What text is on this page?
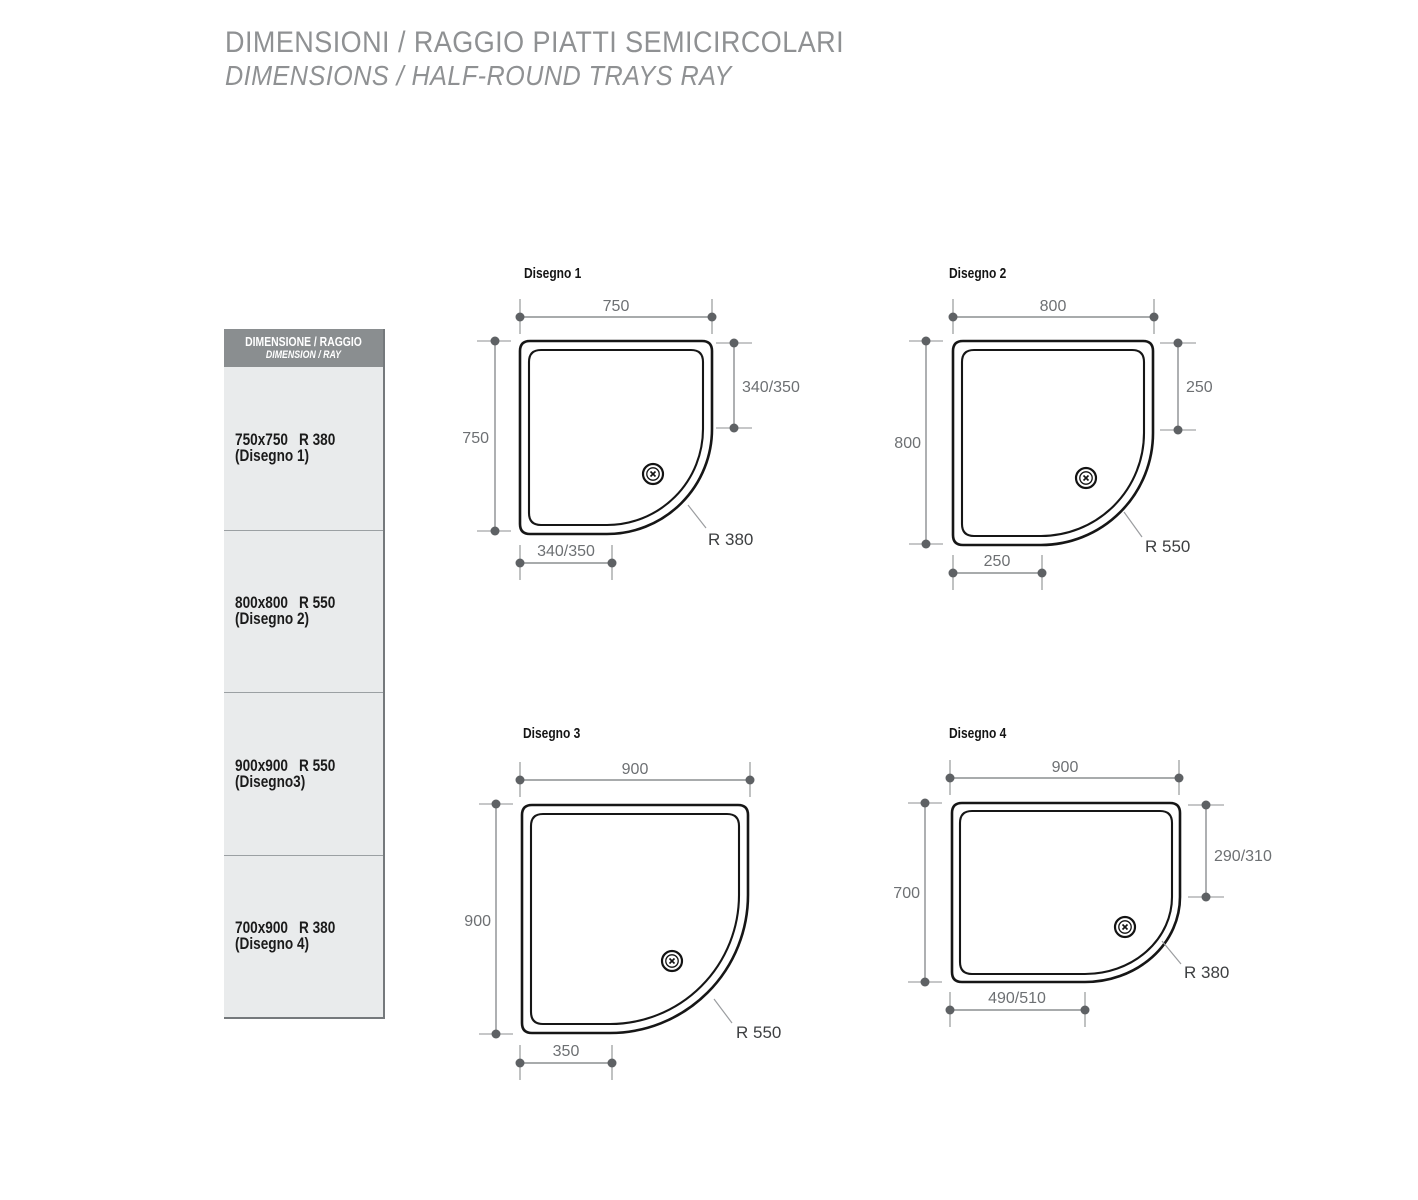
DIMENSIONI / RAGGIO PIATTI SEMICIRCOLARI
DIMENSIONS / HALF-ROUND TRAYS RAY
DIMENSIONE / RAGGIO
DIMENSION / RAY
750x750 R 380
(Disegno 1)
800x800 R 550
(Disegno 2)
900x900 R 550
(Disegno3)
700x900 R 380
(Disegno 4)
Disegno 1
750
750
340/350
340/350
R 380
Disegno 2
800
800
250
250
R 550
Disegno 3
900
900
350
R 550
Disegno 4
900
700
290/310
490/510
R 380
